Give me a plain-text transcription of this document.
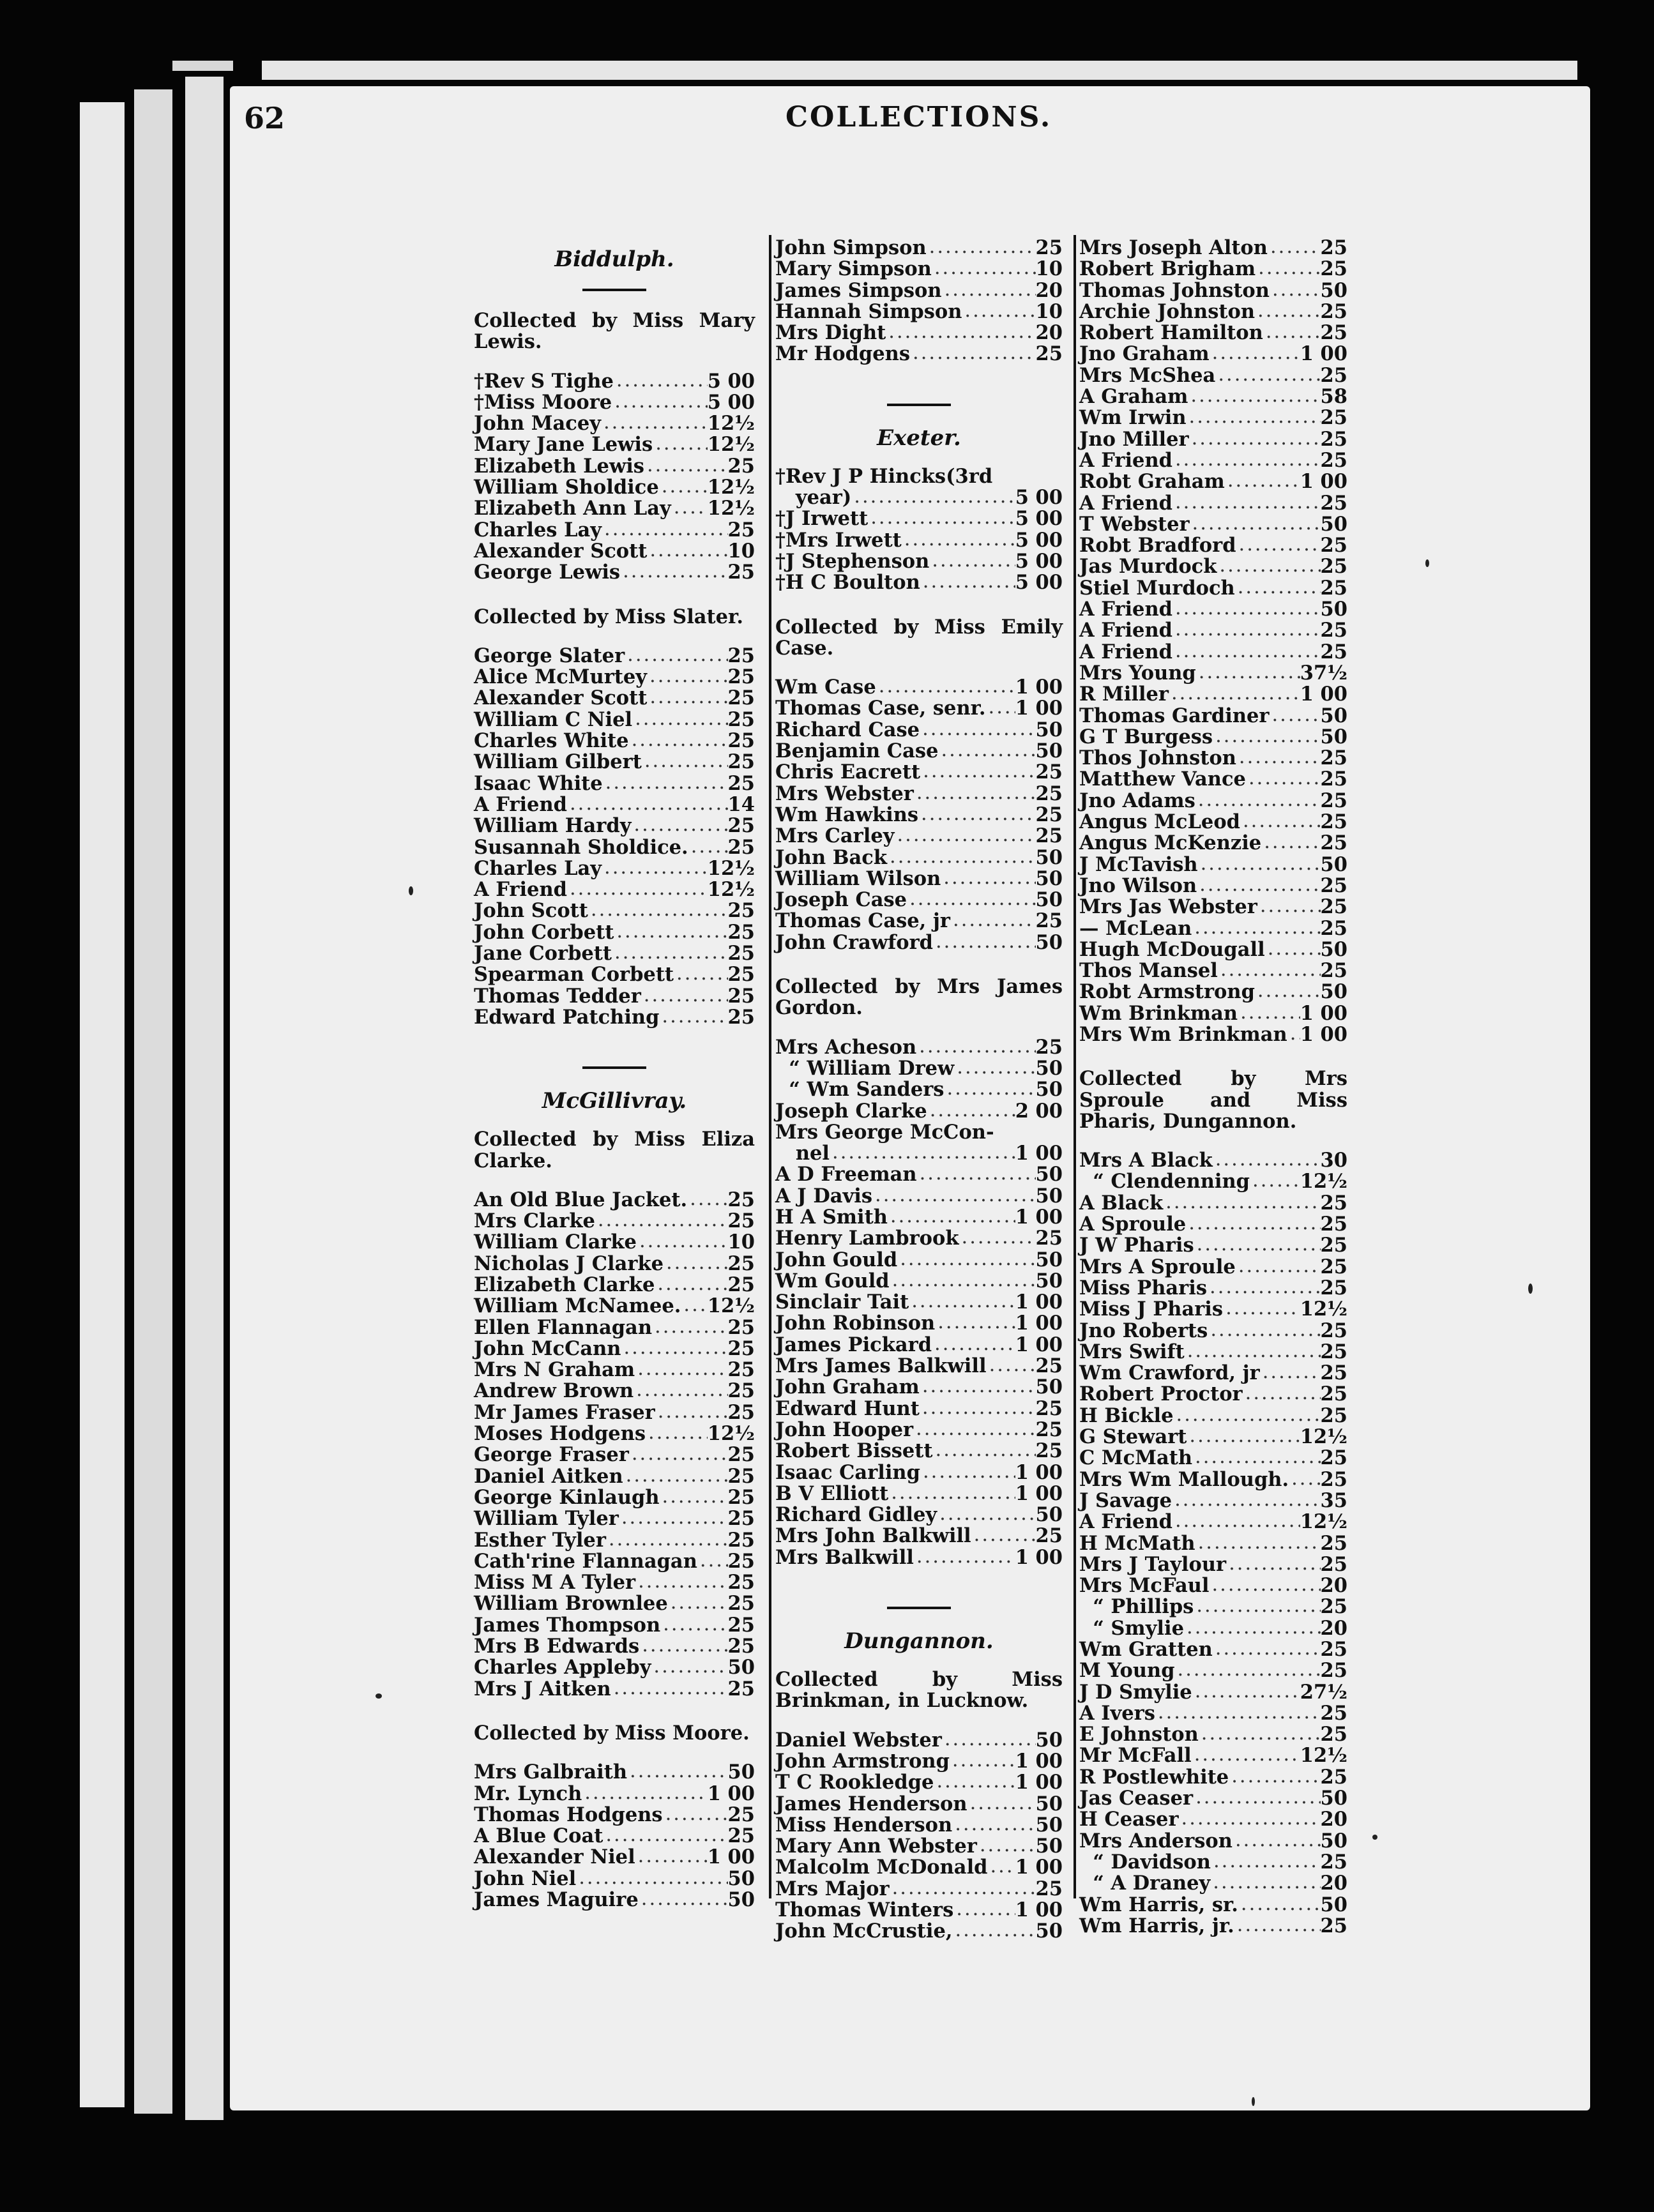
62	COLLECTIONS.
Biddulph.
Collected by Miss Mary Lewis.
†Rev S Tighe .....	5 00
†Miss Moore .....	5 00
John Macey .....	12½
Mary Jane Lewis .....	12½
Elizabeth Lewis .....	25
William Sholdice ..... 12½
Elizabeth Ann Lay ..... 12½
Charles Lay .....	25
Alexander Scott .....	10
George Lewis .....	25
Collected by Miss Slater.
George Slater .....	25
Alice McMurtey .....	25
Alexander Scott .....	25
William C Niel .....	25
Charles White .....	25
William Gilbert .....	25
Isaac White .....	25
A Friend .....	14
William Hardy .....	25
Susannah Sholdice. ..... 25
Charles Lay .....	12½
A Friend .....	12½
John Scott .....	25
John Corbett .....	25
Jane Corbett .....	25
Spearman Corbett .....	25
Thomas Tedder .....	25
Edward Patching .....	25
McGillivray.
Collected by Miss Eliza Clarke.
An Old Blue Jacket. ..... 25
Mrs Clarke .....	25
William Clarke .....	10
Nicholas J Clarke .....	25
Elizabeth Clarke .....	25
William McNamee. ..... 12½
Ellen Flannagan .....	25
John McCann .....	25
Mrs N Graham .....	25
Andrew Brown .....	25
Mr James Fraser .....	25
Moses Hodgens .....	12½
George Fraser .....	25
Daniel Aitken .....	25
George Kinlaugh .....	25
William Tyler .....	25
Esther Tyler .....	25
Cath'rine Flannagan ..... 25
Miss M A Tyler .....	25
William Brownlee .....	25
James Thompson .....	25
Mrs B Edwards .....	25
Charles Appleby .....	50
Mrs J Aitken .....	25
Collected by Miss Moore.
Mrs Galbraith .....	50
Mr. Lynch .....	1 00
Thomas Hodgens .....	25
A Blue Coat .....	25
Alexander Niel .....	1 00
John Niel .....	50
James Maguire .....	50
John Simpson .....	25
Mary Simpson .....	10
James Simpson .....	20
Hannah Simpson .....	10
Mrs Dight .....	20
Mr Hodgens .....	25
Exeter.
†Rev J P Hincks(3rd
year) .....	5 00
†J Irwett .....	5 00
†Mrs Irwett .....	5 00
†J Stephenson .....	5 00
†H C Boulton .....	5 00
Collected by Miss Emily Case.
Wm Case .....	1 00
Thomas Case, senr. ..... 1 00
Richard Case .....	50
Benjamin Case .....	50
Chris Eacrett .....	25
Mrs Webster .....	25
Wm Hawkins .....	25
Mrs Carley .....	25
John Back .....	50
William Wilson .....	50
Joseph Case .....	50
Thomas Case, jr .....	25
John Crawford .....	50
Collected by Mrs James Gordon.
Mrs Acheson .....	25
“ William Drew .....	50
“ Wm Sanders .....	50
Joseph Clarke .....	2 00
Mrs George McCon-
nel .....	1 00
A D Freeman .....	50
A J Davis .....	50
H A Smith .....	1 00
Henry Lambrook .....	25
John Gould .....	50
Wm Gould .....	50
Sinclair Tait .....	1 00
John Robinson .....	1 00
James Pickard .....	1 00
Mrs James Balkwill .....	25
John Graham .....	50
Edward Hunt .....	25
John Hooper .....	25
Robert Bissett .....	25
Isaac Carling .....	1 00
B V Elliott .....	1 00
Richard Gidley .....	50
Mrs John Balkwill .....	25
Mrs Balkwill .....	1 00
Dungannon.
Collected by Miss Brinkman, in Lucknow.
Daniel Webster .....	50
John Armstrong .....	1 00
T C Rookledge .....	1 00
James Henderson .....	50
Miss Henderson .....	50
Mary Ann Webster .....	50
Malcolm McDonald ..... 1 00
Mrs Major .....	25
Thomas Winters .....	1 00
John McCrustie, .....	50
Mrs Joseph Alton .....	25
Robert Brigham .....	25
Thomas Johnston .....	50
Archie Johnston .....	25
Robert Hamilton .....	25
Jno Graham .....	1 00
Mrs McShea .....	25
A Graham .....	58
Wm Irwin .....	25
Jno Miller .....	25
A Friend .....	25
Robt Graham .....	1 00
A Friend .....	25
T Webster .....	50
Robt Bradford .....	25
Jas Murdock .....	25
Stiel Murdoch .....	25
A Friend .....	50
A Friend .....	25
A Friend .....	25
Mrs Young .....	37½
R Miller .....	1 00
Thomas Gardiner .....	50
G T Burgess .....	50
Thos Johnston .....	25
Matthew Vance .....	25
Jno Adams .....	25
Angus McLeod .....	25
Angus McKenzie .....	25
J McTavish .....	50
Jno Wilson .....	25
Mrs Jas Webster .....	25
— McLean .....	25
Hugh McDougall .....	50
Thos Mansel .....	25
Robt Armstrong .....	50
Wm Brinkman .....	1 00
Mrs Wm Brinkman ..... 1 00
Collected by Mrs Sproule and Miss Pharis, Dungannon.
Mrs A Black .....	30
“ Clendenning .....	12½
A Black .....	25
A Sproule .....	25
J W Pharis .....	25
Mrs A Sproule .....	25
Miss Pharis .....	25
Miss J Pharis .....	12½
Jno Roberts .....	25
Mrs Swift .....	25
Wm Crawford, jr .....	25
Robert Proctor .....	25
H Bickle .....	25
G Stewart .....	12½
C McMath .....	25
Mrs Wm Mallough. ..... 25
J Savage .....	35
A Friend .....	12½
H McMath .....	25
Mrs J Taylour .....	25
Mrs McFaul .....	20
“ Phillips .....	25
“ Smylie .....	20
Wm Gratten .....	25
M Young .....	25
J D Smylie .....	27½
A Ivers .....	25
E Johnston .....	25
Mr McFall .....	12½
R Postlewhite .....	25
Jas Ceaser .....	50
H Ceaser .....	20
Mrs Anderson .....	50
“ Davidson .....	25
“ A Draney .....	20
Wm Harris, sr. .....	50
Wm Harris, jr. .....	25
